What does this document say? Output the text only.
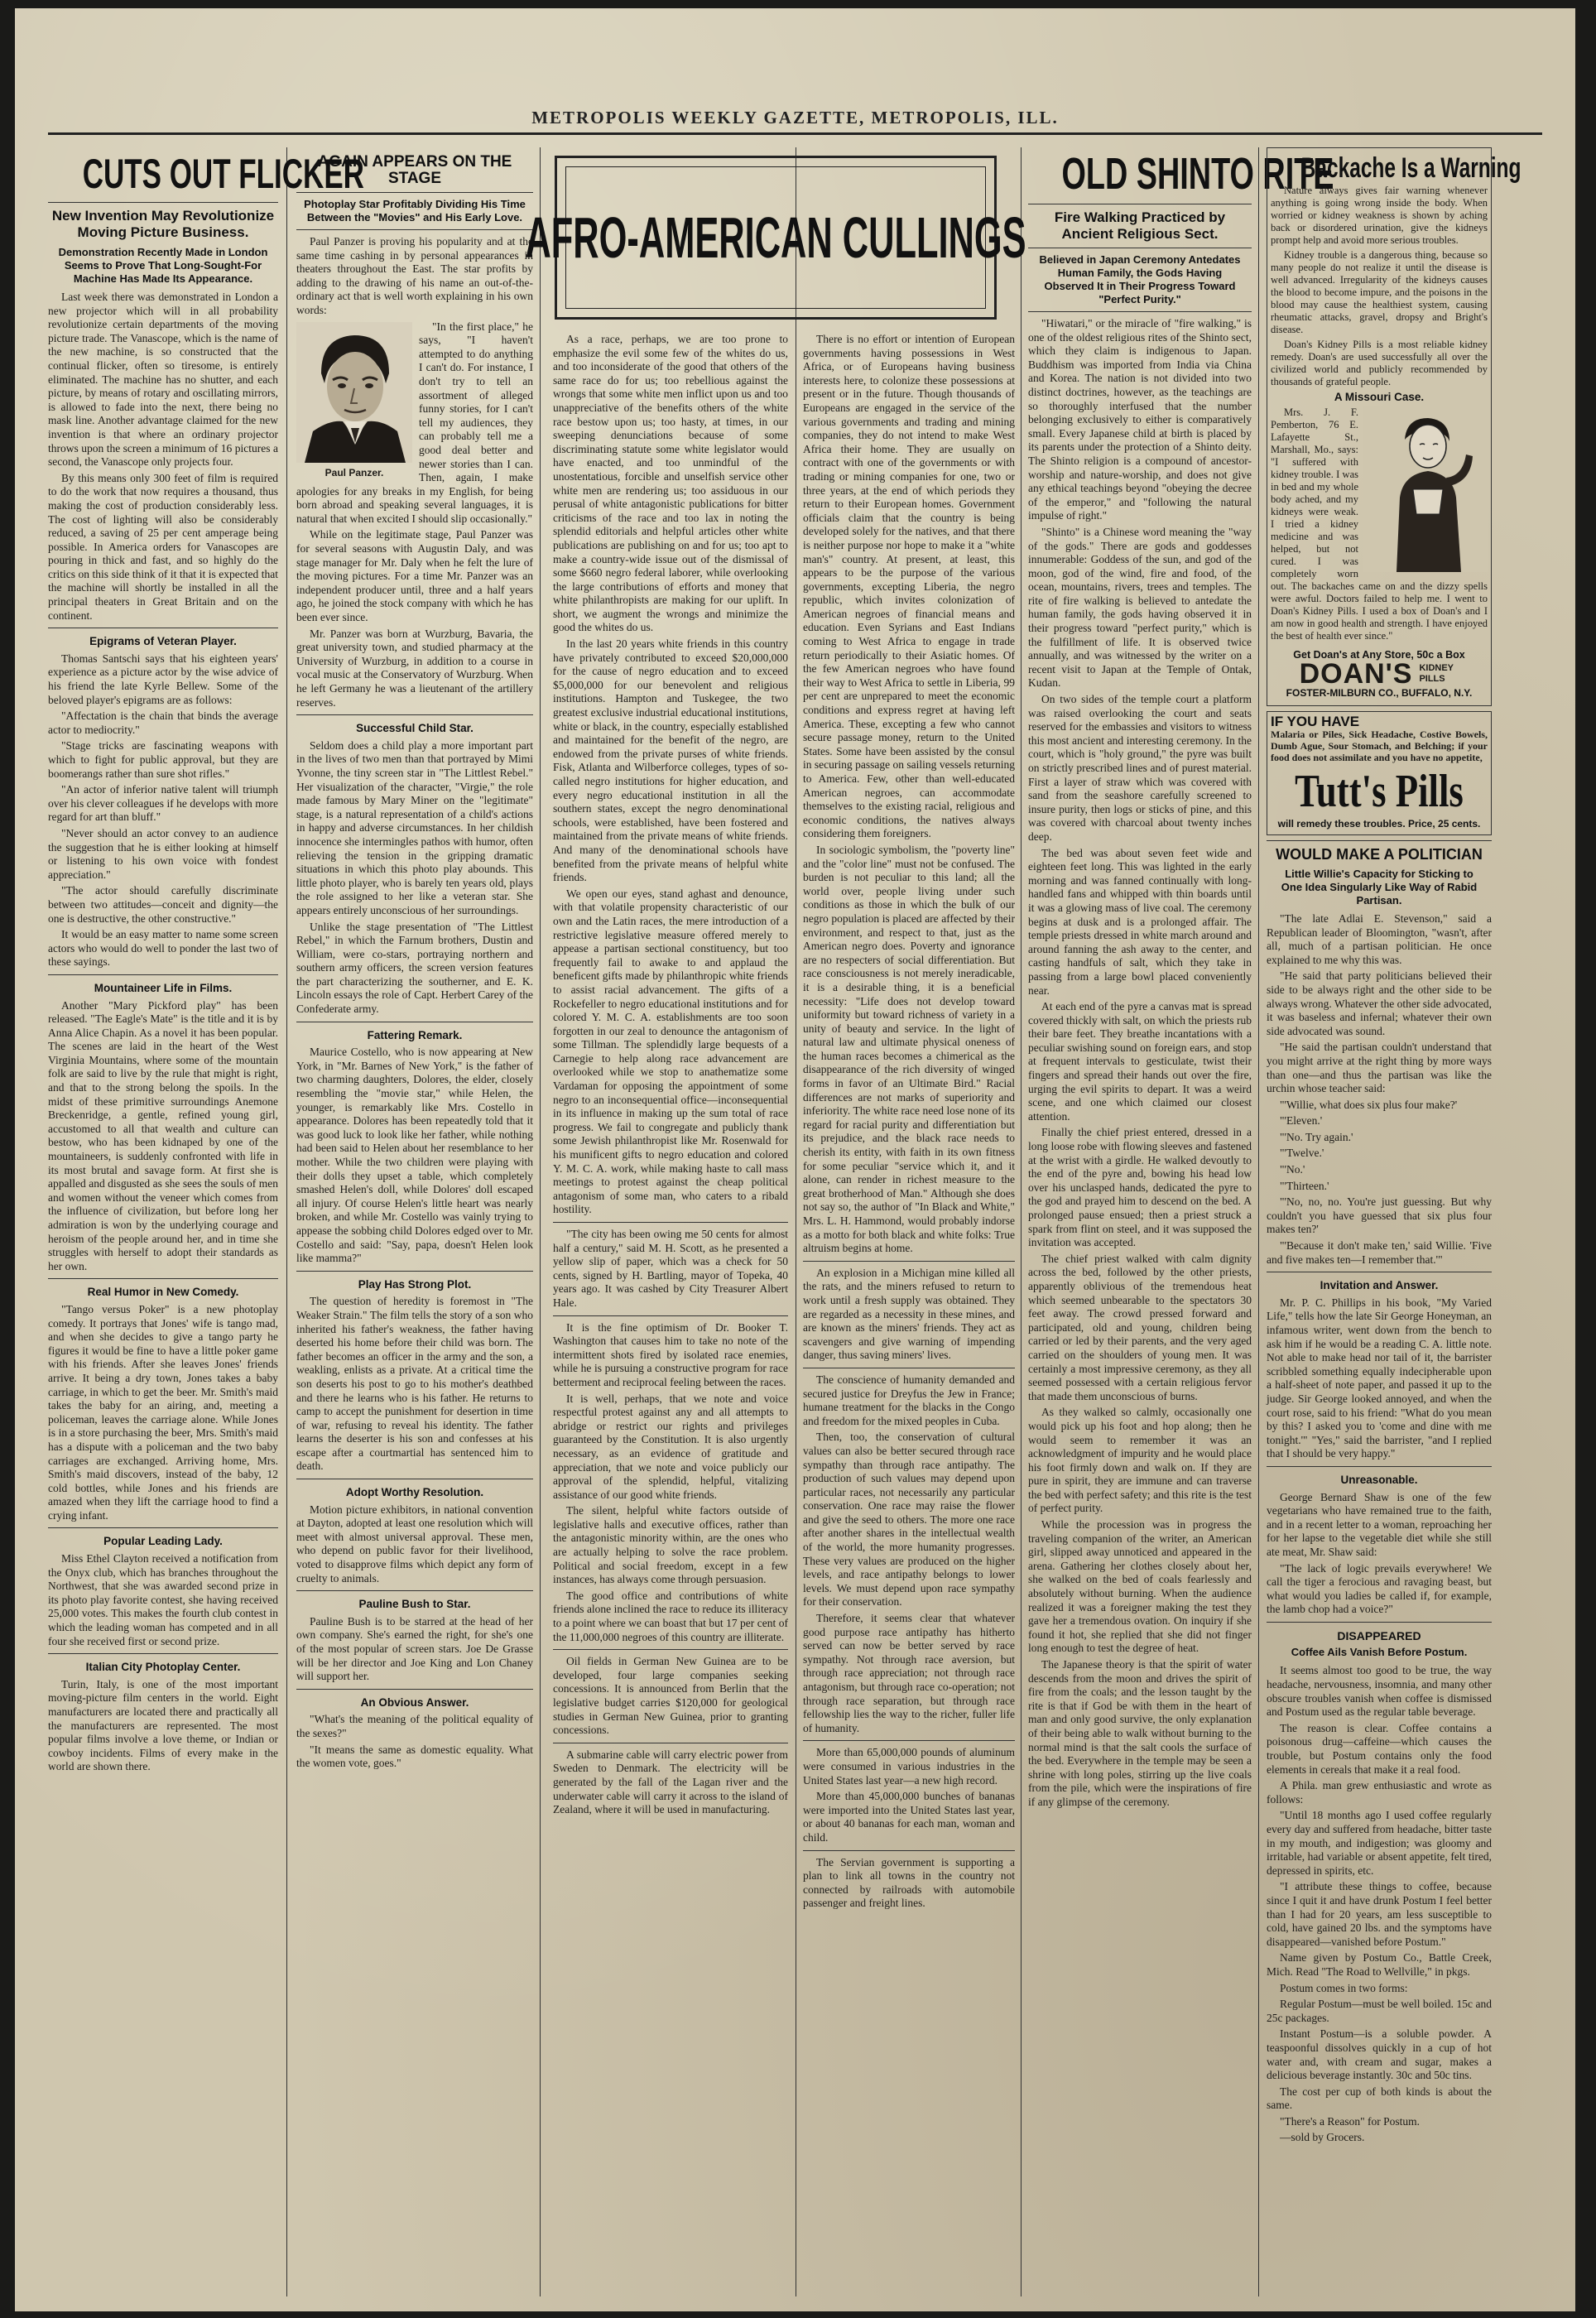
METROPOLIS WEEKLY GAZETTE, METROPOLIS, ILL.
CUTS OUT FLICKER
New Invention May Revolutionize Moving Picture Business.
Demonstration Recently Made in London Seems to Prove That Long-Sought-For Machine Has Made Its Appearance.

Last week there was demonstrated in London a new projector which will in all probability revolutionize certain departments of the moving picture trade. The Vanascope, which is the name of the new machine, is so constructed that the continual flicker, often so tiresome, is entirely eliminated. The machine has no shutter, and each picture, by means of rotary and oscillating mirrors, is allowed to fade into the next, there being no mask line. Another advantage claimed for the new invention is that where an ordinary projector throws upon the screen a minimum of 16 pictures a second, the Vanascope only projects four.

By this means only 300 feet of film is required to do the work that now requires a thousand, thus making the cost of production considerably less. The cost of lighting will also be considerably reduced, a saving of 25 per cent amperage being possible. In America orders for Vanascopes are pouring in thick and fast, and so highly do the critics on this side think of it that it is expected that the machine will shortly be installed in all the principal theaters in Great Britain and on the continent.

Epigrams of Veteran Player.

Thomas Santschi says that his eighteen years' experience as a picture actor by the wise advice of his friend the late Kyrle Bellew. Some of the beloved player's epigrams are as follows:

"Affectation is the chain that binds the average actor to mediocrity."

"Stage tricks are fascinating weapons with which to fight for public approval, but they are boomerangs rather than sure shot rifles."

"An actor of inferior native talent will triumph over his clever colleagues if he develops with more regard for art than bluff."

"Never should an actor convey to an audience the suggestion that he is either looking at himself or listening to his own voice with fondest appreciation."

"The actor should carefully discriminate between two attitudes—conceit and dignity—the one is destructive, the other constructive."

It would be an easy matter to name some screen actors who would do well to ponder the last two of these sayings.

Mountaineer Life in Films.

Another "Mary Pickford play" has been released. "The Eagle's Mate" is the title and it is by Anna Alice Chapin. As a novel it has been popular. The scenes are laid in the heart of the West Virginia Mountains, where some of the mountain folk are said to live by the rule that might is right, and that to the strong belong the spoils. In the midst of these primitive surroundings Anemone Breckenridge, a gentle, refined young girl, accustomed to all that wealth and culture can bestow, who has been kidnaped by one of the mountaineers, is suddenly confronted with life in its most brutal and savage form. At first she is appalled and disgusted as she sees the souls of men and women without the veneer which comes from the influence of civilization, but before long her admiration is won by the underlying courage and heroism of the people around her, and in time she struggles with herself to adopt their standards as her own.

Real Humor in New Comedy.

"Tango versus Poker" is a new photoplay comedy. It portrays that Jones' wife is tango mad, and when she decides to give a tango party he figures it would be fine to have a little poker game with his friends. After she leaves Jones' friends arrive. It being a dry town, Jones takes a baby carriage, in which to get the beer. Mr. Smith's maid takes the baby for an airing, and, meeting a policeman, leaves the carriage alone. While Jones is in a store purchasing the beer, Mrs. Smith's maid has a dispute with a policeman and the two baby carriages are exchanged. Arriving home, Mrs. Smith's maid discovers, instead of the baby, 12 cold bottles, while Jones and his friends are amazed when they lift the carriage hood to find a crying infant.

Popular Leading Lady.

Miss Ethel Clayton received a notification from the Onyx club, which has branches throughout the Northwest, that she was awarded second prize in its photo play favorite contest, she having received 25,000 votes. This makes the fourth club contest in which the leading woman has competed and in all four she received first or second prize.

Italian City Photoplay Center.

Turin, Italy, is one of the most important moving-picture film centers in the world. Eight manufacturers are located there and practically all the manufacturers are represented. The most popular films involve a love theme, or Indian or cowboy incidents. Films of every make in the world are shown there.

AGAIN APPEARS ON THE STAGE
Photoplay Star Profitably Dividing His Time Between the "Movies" and His Early Love.

Paul Panzer is proving his popularity and at the same time cashing in by personal appearances in theaters throughout the East. The star profits by adding to the drawing of his name an out-of-the-ordinary act that is well worth explaining in his own words:

Paul Panzer.

"In the first place," he says, "I haven't attempted to do anything I can't do. For instance, I don't try to tell an assortment of alleged funny stories, for I can't tell my audiences, they can probably tell me a good deal better and newer stories than I can. Then, again, I make apologies for any breaks in my English, for being born abroad and speaking several languages, it is natural that when excited I should slip occasionally."

While on the legitimate stage, Paul Panzer was for several seasons with Augustin Daly, and was stage manager for Mr. Daly when he felt the lure of the moving pictures. For a time Mr. Panzer was an independent producer until, three and a half years ago, he joined the stock company with which he has been ever since.

Mr. Panzer was born at Wurzburg, Bavaria, the great university town, and studied pharmacy at the University of Wurzburg, in addition to a course in vocal music at the Conservatory of Wurzburg. When he left Germany he was a lieutenant of the artillery reserves.

Successful Child Star.

Seldom does a child play a more important part in the lives of two men than that portrayed by Mimi Yvonne, the tiny screen star in "The Littlest Rebel." Her visualization of the character, "Virgie," the role made famous by Mary Miner on the "legitimate" stage, is a natural representation of a child's actions in happy and adverse circumstances. In her childish innocence she intermingles pathos with humor, often relieving the tension in the gripping dramatic situations in which this photo play abounds. This little photo player, who is barely ten years old, plays the role assigned to her like a veteran star. She appears entirely unconscious of her surroundings.

Unlike the stage presentation of "The Littlest Rebel," in which the Farnum brothers, Dustin and William, were co-stars, portraying northern and southern army officers, the screen version features the part characterizing the southerner, and E. K. Lincoln essays the role of Capt. Herbert Carey of the Confederate army.

Fattering Remark.

Maurice Costello, who is now appearing at New York, in "Mr. Barnes of New York," is the father of two charming daughters, Dolores, the elder, closely resembling the "movie star," while Helen, the younger, is remarkably like Mrs. Costello in appearance. Dolores has been repeatedly told that it was good luck to look like her father, while nothing had been said to Helen about her resemblance to her mother. While the two children were playing with their dolls they upset a table, which completely smashed Helen's doll, while Dolores' doll escaped all injury. Of course Helen's little heart was nearly broken, and while Mr. Costello was vainly trying to appease the sobbing child Dolores edged over to Mr. Costello and said: "Say, papa, doesn't Helen look like mamma?"

Play Has Strong Plot.

The question of heredity is foremost in "The Weaker Strain." The film tells the story of a son who inherited his father's weakness, the father having deserted his home before their child was born. The father becomes an officer in the army and the son, a weakling, enlists as a private. At a critical time the son deserts his post to go to his mother's deathbed and there he learns who is his father. He returns to camp to accept the punishment for desertion in time of war, refusing to reveal his identity. The father learns the deserter is his son and confesses at his escape after a courtmartial has sentenced him to death.

Adopt Worthy Resolution.

Motion picture exhibitors, in national convention at Dayton, adopted at least one resolution which will meet with almost universal approval. These men, who depend on public favor for their livelihood, voted to disapprove films which depict any form of cruelty to animals.

Pauline Bush to Star.

Pauline Bush is to be starred at the head of her own company. She's earned the right, for she's one of the most popular of screen stars. Joe De Grasse will be her director and Joe King and Lon Chaney will support her.

An Obvious Answer.

"What's the meaning of the political equality of the sexes?"

"It means the same as domestic equality. What the women vote, goes."

AFRO-AMERICAN CULLINGS

As a race, perhaps, we are too prone to emphasize the evil some few of the whites do us, and too inconsiderate of the good that others of the same race do for us; too rebellious against the wrongs that some white men inflict upon us and too unappreciative of the benefits others of the white race bestow upon us; too hasty, at times, in our sweeping denunciations because of some discriminating statute some white legislator would have enacted, and too unmindful of the unostentatious, forcible and unselfish service other white men are rendering us; too assiduous in our perusal of white antagonistic publications for bitter criticisms of the race and too lax in noting the splendid editorials and helpful articles other white publications are publishing on and for us; too apt to make a country-wide issue out of the dismissal of some $660 negro federal laborer, while overlooking the large contributions of efforts and money that white philanthropists are making for our uplift. In short, we augment the wrongs and minimize the good the whites do us.

In the last 20 years white friends in this country have privately contributed to exceed $20,000,000 for the cause of negro education and to exceed $5,000,000 for our benevolent and religious institutions. Hampton and Tuskegee, the two greatest exclusive industrial educational institutions, white or black, in the country, especially established and maintained for the benefit of the negro, are endowed from the private purses of white friends. Fisk, Atlanta and Wilberforce colleges, types of so-called negro institutions for higher education, and every negro educational institution in all the southern states, except the negro denominational schools, were established, have been fostered and maintained from the private means of white friends. And many of the denominational schools have benefited from the private means of helpful white friends.

We open our eyes, stand aghast and denounce, with that volatile propensity characteristic of our own and the Latin races, the mere introduction of a restrictive legislative measure offered merely to appease a partisan sectional constituency, but too frequently fail to awake to and applaud the beneficent gifts made by philanthropic white friends to assist racial advancement. The gifts of a Rockefeller to negro educational institutions and for colored Y. M. C. A. establishments are too soon forgotten in our zeal to denounce the antagonism of some Tillman. The splendidly large bequests of a Carnegie to help along race advancement are overlooked while we stop to anathematize some Vardaman for opposing the appointment of some negro to an inconsequential office—inconsequential in its influence in making up the sum total of race progress. We fail to congregate and publicly thank some Jewish philanthropist like Mr. Rosenwald for his munificent gifts to negro education and colored Y. M. C. A. work, while making haste to call mass meetings to protest against the cheap political antagonism of some man, who caters to a ribald hostility.

"The city has been owing me 50 cents for almost half a century," said M. H. Scott, as he presented a yellow slip of paper, which was a check for 50 cents, signed by H. Bartling, mayor of Topeka, 40 years ago. It was cashed by City Treasurer Albert Hale.

It is the fine optimism of Dr. Booker T. Washington that causes him to take no note of the intermittent shots fired by isolated race enemies, while he is pursuing a constructive program for race betterment and reciprocal feeling between the races.

It is well, perhaps, that we note and voice respectful protest against any and all attempts to abridge or restrict our rights and privileges guaranteed by the Constitution. It is also urgently necessary, as an evidence of gratitude and appreciation, that we note and voice publicly our approval of the splendid, helpful, vitalizing assistance of our good white friends.

The silent, helpful white factors outside of legislative halls and executive offices, rather than the antagonistic minority within, are the ones who are actually helping to solve the race problem. Political and social freedom, except in a few instances, has always come through persuasion.

The good office and contributions of white friends alone inclined the race to reduce its illiteracy to a point where we can boast that but 17 per cent of the 11,000,000 negroes of this country are illiterate.

Oil fields in German New Guinea are to be developed, four large companies seeking concessions. It is announced from Berlin that the legislative budget carries $120,000 for geological studies in German New Guinea, prior to granting concessions.

A submarine cable will carry electric power from Sweden to Denmark. The electricity will be generated by the fall of the Lagan river and the underwater cable will carry it across to the island of Zealand, where it will be used in manufacturing.

There is no effort or intention of European governments having possessions in West Africa, or of Europeans having business interests here, to colonize these possessions at present or in the future. Though thousands of Europeans are engaged in the service of the various governments and trading and mining companies, they do not intend to make West Africa their home. They are usually on contract with one of the governments or with trading or mining companies for one, two or three years, at the end of which periods they return to their European homes. Government officials claim that the country is being developed solely for the natives, and that there is neither purpose nor hope to make it a "white man's" country. At present, at least, this appears to be the purpose of the various governments, excepting Liberia, the negro republic, which invites colonization of American negroes of financial means and education. Even Syrians and East Indians coming to West Africa to engage in trade return periodically to their Asiatic homes. Of the few American negroes who have found their way to West Africa to settle in Liberia, 99 per cent are unprepared to meet the economic conditions and express regret at having left America. These, excepting a few who cannot secure passage money, return to the United States. Some have been assisted by the consul in securing passage on sailing vessels returning to America. Few, other than well-educated American negroes, can accommodate themselves to the existing racial, religious and economic conditions, the natives always considering them foreigners.

In sociologic symbolism, the "poverty line" and the "color line" must not be confused. The burden is not peculiar to this land; all the world over, people living under such conditions as those in which the bulk of our negro population is placed are affected by their environment, and respect to that, just as the American negro does. Poverty and ignorance are no respecters of social differentiation. But race consciousness is not merely ineradicable, it is a desirable thing, it is a beneficial necessity: "Life does not develop toward uniformity but toward richness of variety in a unity of beauty and service. In the light of natural law and ultimate physical oneness of the human races becomes a chimerical as the disappearance of the rich diversity of winged forms in favor of an Ultimate Bird." Racial differences are not marks of superiority and inferiority. The white race need lose none of its regard for racial purity and differentiation but its prejudice, and the black race needs to cherish its entity, with faith in its own fitness for some peculiar "service which it, and it alone, can render in richest measure to the great brotherhood of Man." Although she does not say so, the author of "In Black and White," Mrs. L. H. Hammond, would probably indorse as a motto for both black and white folks: True altruism begins at home.

An explosion in a Michigan mine killed all the rats, and the miners refused to return to work until a fresh supply was obtained. They are regarded as a necessity in these mines, and are known as the miners' friends. They act as scavengers and give warning of impending danger, thus saving miners' lives.

The conscience of humanity demanded and secured justice for Dreyfus the Jew in France; humane treatment for the blacks in the Congo and freedom for the mixed peoples in Cuba.

Then, too, the conservation of cultural values can also be better secured through race sympathy than through race antipathy. The production of such values may depend upon particular races, not necessarily any particular conservation. One race may raise the flower and give the seed to others. The more one race after another shares in the intellectual wealth of the world, the more humanity progresses. These very values are produced on the higher levels, and race antipathy belongs to lower levels. We must depend upon race sympathy for their conservation.

Therefore, it seems clear that whatever good purpose race antipathy has hitherto served can now be better served by race sympathy. Not through race aversion, but through race appreciation; not through race antagonism, but through race co-operation; not through race separation, but through race fellowship lies the way to the richer, fuller life of humanity.

More than 65,000,000 pounds of aluminum were consumed in various industries in the United States last year—a new high record.

More than 45,000,000 bunches of bananas were imported into the United States last year, or about 40 bananas for each man, woman and child.

The Servian government is supporting a plan to link all towns in the country not connected by railroads with automobile passenger and freight lines.

OLD SHINTO RITE
Fire Walking Practiced by Ancient Religious Sect.
Believed in Japan Ceremony Antedates Human Family, the Gods Having Observed It in Their Progress Toward "Perfect Purity."

"Hiwatari," or the miracle of "fire walking," is one of the oldest religious rites of the Shinto sect, which they claim is indigenous to Japan. Buddhism was imported from India via China and Korea. The nation is not divided into two distinct doctrines, however, as the teachings are so thoroughly interfused that the number belonging exclusively to either is comparatively small. Every Japanese child at birth is placed by its parents under the protection of a Shinto deity. The Shinto religion is a compound of ancestor-worship and nature-worship, and does not give any ethical teachings beyond "obeying the decree of the emperor," and "following the natural impulse of right."

"Shinto" is a Chinese word meaning the "way of the gods." There are gods and goddesses innumerable: Goddess of the sun, and god of the moon, god of the wind, fire and food, of the ocean, mountains, rivers, trees and temples. The rite of fire walking is believed to antedate the human family, the gods having observed it in their progress toward "perfect purity," which is the fulfillment of life. It is observed twice annually, and was witnessed by the writer on a recent visit to Japan at the Temple of Ontak, Kudan.

On two sides of the temple court a platform was raised overlooking the court and seats reserved for the embassies and visitors to witness this most ancient and interesting ceremony. In the court, which is "holy ground," the pyre was built on strictly prescribed lines and of purest material. First a layer of straw which was covered with sand from the seashore carefully screened to insure purity, then logs or sticks of pine, and this was covered with charcoal about twenty inches deep.

The bed was about seven feet wide and eighteen feet long. This was lighted in the early morning and was fanned continually with long-handled fans and whipped with thin boards until it was a glowing mass of live coal. The ceremony begins at dusk and is a prolonged affair. The temple priests dressed in white march around and around fanning the ash away to the center, and casting handfuls of salt, which they take in passing from a large bowl placed conveniently near.

At each end of the pyre a canvas mat is spread covered thickly with salt, on which the priests rub their bare feet. They breathe incantations with a peculiar swishing sound on foreign ears, and stop at frequent intervals to gesticulate, twist their fingers and spread their hands out over the fire, urging the evil spirits to depart. It was a weird scene, and one which claimed our closest attention.

Finally the chief priest entered, dressed in a long loose robe with flowing sleeves and fastened at the wrist with a girdle. He walked devoutly to the end of the pyre and, bowing his head low over his unclasped hands, dedicated the pyre to the god and prayed him to descend on the bed. A prolonged pause ensued; then a priest struck a spark from flint on steel, and it was supposed the invitation was accepted.

The chief priest walked with calm dignity across the bed, followed by the other priests, apparently oblivious of the tremendous heat which seemed unbearable to the spectators 30 feet away. The crowd pressed forward and participated, old and young, children being carried or led by their parents, and the very aged carried on the shoulders of young men. It was certainly a most impressive ceremony, as they all seemed possessed with a certain religious fervor that made them unconscious of burns.

As they walked so calmly, occasionally one would pick up his foot and hop along; then he would seem to remember it was an acknowledgment of impurity and he would place his foot firmly down and walk on. If they are pure in spirit, they are immune and can traverse the bed with perfect safety; and this rite is the test of perfect purity.

While the procession was in progress the traveling companion of the writer, an American girl, slipped away unnoticed and appeared in the arena. Gathering her clothes closely about her, she walked on the bed of coals fearlessly and absolutely without burning. When the audience realized it was a foreigner making the test they gave her a tremendous ovation. On inquiry if she found it hot, she replied that she did not finger long enough to test the degree of heat.

The Japanese theory is that the spirit of water descends from the moon and drives the spirit of fire from the coals; and the lesson taught by the rite is that if God be with them in the heart of man and only good survive, the only explanation of their being able to walk without burning to the normal mind is that the salt cools the surface of the bed. Everywhere in the temple may be seen a shrine with long poles, stirring up the live coals from the pile, which were the inspirations of fire if any glimpse of the ceremony.

Backache Is a Warning

Nature always gives fair warning whenever anything is going wrong inside the body. When worried or kidney weakness is shown by aching back or disordered urination, give the kidneys prompt help and avoid more serious troubles.

Kidney trouble is a dangerous thing, because so many people do not realize it until the disease is well advanced. Irregularity of the kidneys causes the blood to become impure, and the poisons in the blood may cause the healthiest system, causing rheumatic attacks, gravel, dropsy and Bright's disease.

Doan's Kidney Pills is a most reliable kidney remedy. Doan's are used successfully all over the civilized world and publicly recommended by thousands of grateful people.

A Missouri Case.

Mrs. J. F. Pemberton, 76 E. Lafayette St., Marshall, Mo., says: "I suffered with kidney trouble. I was in bed and my whole body ached, and my kidneys were weak. I tried a kidney medicine and was helped, but not cured. I was completely worn out. The backaches came on and the dizzy spells were awful. Doctors failed to help me. I went to Doan's Kidney Pills. I used a box of Doan's and I am now in good health and strength. I have enjoyed the best of health ever since."

Get Doan's at Any Store, 50c a Box
DOAN'S KIDNEY PILLS
FOSTER-MILBURN CO., BUFFALO, N.Y.
IF YOU HAVE

Malaria or Piles, Sick Headache, Costive Bowels, Dumb Ague, Sour Stomach, and Belching; if your food does not assimilate and you have no appetite,

Tutt's Pills
will remedy these troubles. Price, 25 cents.
WOULD MAKE A POLITICIAN
Little Willie's Capacity for Sticking to One Idea Singularly Like Way of Rabid Partisan.

"The late Adlai E. Stevenson," said a Republican leader of Bloomington, "wasn't, after all, much of a partisan politician. He once explained to me why this was.

"He said that party politicians believed their side to be always right and the other side to be always wrong. Whatever the other side advocated, it was baseless and infernal; whatever their own side advocated was sound.

"He said the partisan couldn't understand that you might arrive at the right thing by more ways than one—and thus the partisan was like the urchin whose teacher said:

"'Willie, what does six plus four make?'

"'Eleven.'

"'No. Try again.'

"'Twelve.'

"'No.'

"'Thirteen.'

"'No, no, no. You're just guessing. But why couldn't you have guessed that six plus four makes ten?'

"'Because it don't make ten,' said Willie. 'Five and five makes ten—I remember that.'"

Invitation and Answer.

Mr. P. C. Phillips in his book, "My Varied Life," tells how the late Sir George Honeyman, an infamous writer, went down from the bench to ask him if he would be a reading C. A. little note. Not able to make head nor tail of it, the barrister scribbled something equally indecipherable upon a half-sheet of note paper, and passed it up to the judge. Sir George looked annoyed, and when the court rose, said to his friend: "What do you mean by this? I asked you to 'come and dine with me tonight.'" "Yes," said the barrister, "and I replied that I should be very happy."

Unreasonable.

George Bernard Shaw is one of the few vegetarians who have remained true to the faith, and in a recent letter to a woman, reproaching her for her lapse to the vegetable diet while she still ate meat, Mr. Shaw said:

"The lack of logic prevails everywhere! We call the tiger a ferocious and ravaging beast, but what would you ladies be called if, for example, the lamb chop had a voice?"

DISAPPEARED
Coffee Ails Vanish Before Postum.

It seems almost too good to be true, the way headache, nervousness, insomnia, and many other obscure troubles vanish when coffee is dismissed and Postum used as the regular table beverage.

The reason is clear. Coffee contains a poisonous drug—caffeine—which causes the trouble, but Postum contains only the food elements in cereals that make it a real food.

A Phila. man grew enthusiastic and wrote as follows:

"Until 18 months ago I used coffee regularly every day and suffered from headache, bitter taste in my mouth, and indigestion; was gloomy and irritable, had variable or absent appetite, felt tired, depressed in spirits, etc.

"I attribute these things to coffee, because since I quit it and have drunk Postum I feel better than I had for 20 years, am less susceptible to cold, have gained 20 lbs. and the symptoms have disappeared—vanished before Postum."

Name given by Postum Co., Battle Creek, Mich. Read "The Road to Wellville," in pkgs.

Postum comes in two forms:

Regular Postum—must be well boiled. 15c and 25c packages.

Instant Postum—is a soluble powder. A teaspoonful dissolves quickly in a cup of hot water and, with cream and sugar, makes a delicious beverage instantly. 30c and 50c tins.

The cost per cup of both kinds is about the same.

"There's a Reason" for Postum.

—sold by Grocers.
